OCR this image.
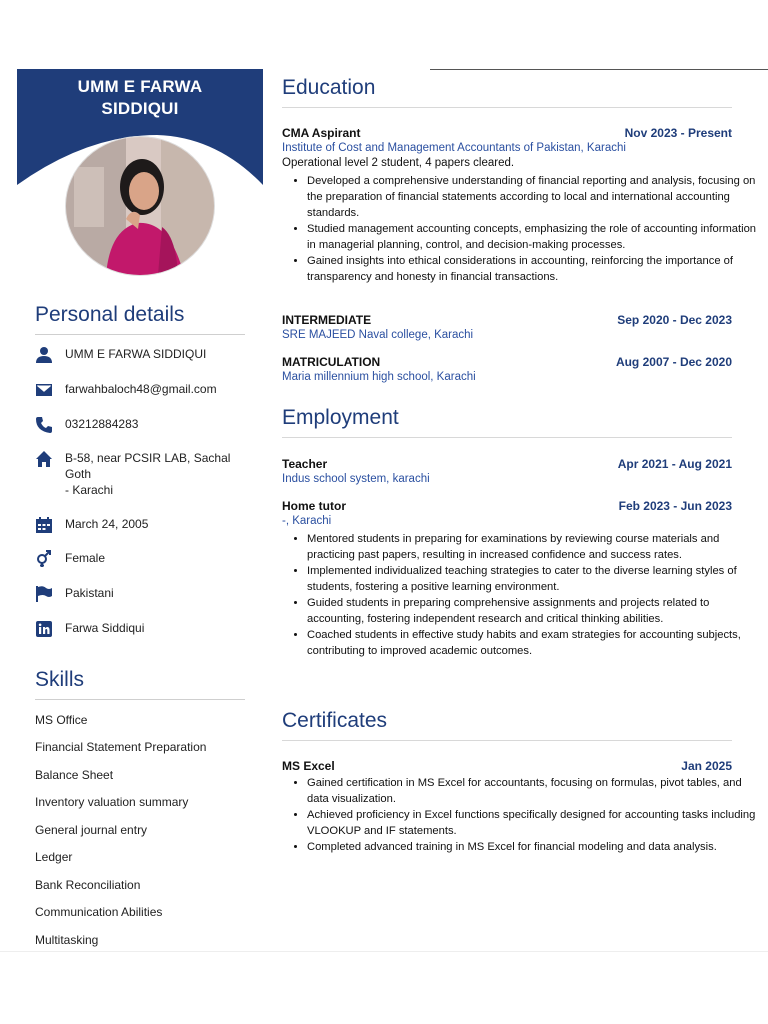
UMM E FARWA SIDDIQUI
Personal details
UMM E FARWA SIDDIQUI
farwahbaloch48@gmail.com
03212884283
B-58, near PCSIR LAB, Sachal Goth
- Karachi
March 24, 2005
Female
Pakistani
Farwa Siddiqui
Skills
MS Office
Financial Statement Preparation
Balance Sheet
Inventory valuation summary
General journal entry
Ledger
Bank Reconciliation
Communication Abilities
Multitasking
Education
CMA Aspirant	Nov 2023 - Present
Institute of Cost and Management Accountants of Pakistan, Karachi
Operational level 2 student, 4 papers cleared.
• Developed a comprehensive understanding of financial reporting and analysis, focusing on the preparation of financial statements according to local and international accounting standards.
• Studied management accounting concepts, emphasizing the role of accounting information in managerial planning, control, and decision-making processes.
• Gained insights into ethical considerations in accounting, reinforcing the importance of transparency and honesty in financial transactions.
INTERMEDIATE	Sep 2020 - Dec 2023
SRE MAJEED Naval college, Karachi
MATRICULATION	Aug 2007 - Dec 2020
Maria millennium high school, Karachi
Employment
Teacher	Apr 2021 - Aug 2021
Indus school system, karachi
Home tutor	Feb 2023 - Jun 2023
-, Karachi
• Mentored students in preparing for examinations by reviewing course materials and practicing past papers, resulting in increased confidence and success rates.
• Implemented individualized teaching strategies to cater to the diverse learning styles of students, fostering a positive learning environment.
• Guided students in preparing comprehensive assignments and projects related to accounting, fostering independent research and critical thinking abilities.
• Coached students in effective study habits and exam strategies for accounting subjects, contributing to improved academic outcomes.
Certificates
MS Excel	Jan 2025
• Gained certification in MS Excel for accountants, focusing on formulas, pivot tables, and data visualization.
• Achieved proficiency in Excel functions specifically designed for accounting tasks including VLOOKUP and IF statements.
• Completed advanced training in MS Excel for financial modeling and data analysis.
